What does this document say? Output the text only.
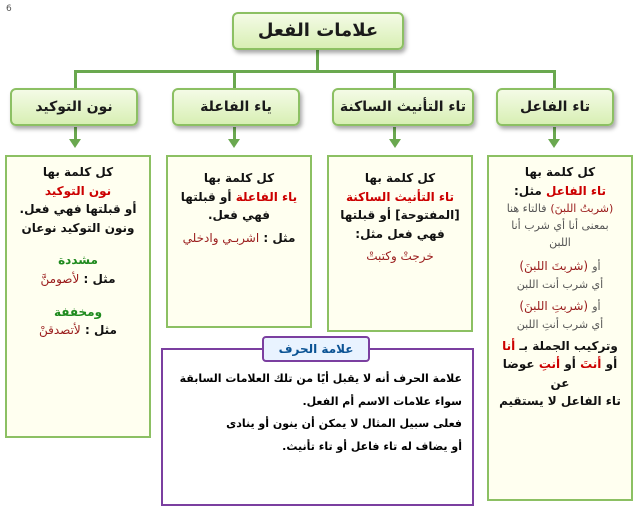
6
علامات الفعل
تاء الفاعل
تاء التأنيث الساكنة
ياء الفاعلة
نون التوكيد
كل كلمة بها
تاء الفاعل مثل:
(شربتُ اللبنَ) فالتاء هنا
بمعنى أنا أي شرب أنا
اللبن
أو (شربتَ اللبنَ)
أي شرب أنت اللبن
أو (شربتِ اللبنَ)
أي شرب أنتِ اللبن
وتركيب الجملة بـ أنا
أو أنتَ أو أنتِ عوضا عن
تاء الفاعل لا يستقيم
كل كلمة بها
تاء التأنيث الساكنة
[المفتوحة] أو قبلتها
فهي فعل مثل:
خرجتْ وكتبتْ
كل كلمة بها
ياء الفاعلة أو قبلتها
فهي فعل.
مثل : اشربـي وادخلي
كل كلمة بها
نون التوكيد
أو قبلتها فهي فعل.
ونون التوكيد نوعان
مشددة
مثل : لأصومنَّ
ومخففة
مثل : لأتصدقنْ

علامة الحرف أنه لا يقبل أيًا من تلك العلامات السابقة

سواء علامات الاسم أم الفعل.

فعلى سبيل المثال لا يمكن أن ينون أو ينادى

أو يضاف له تاء فاعل أو تاء تأنيث.

علامة الحرف
